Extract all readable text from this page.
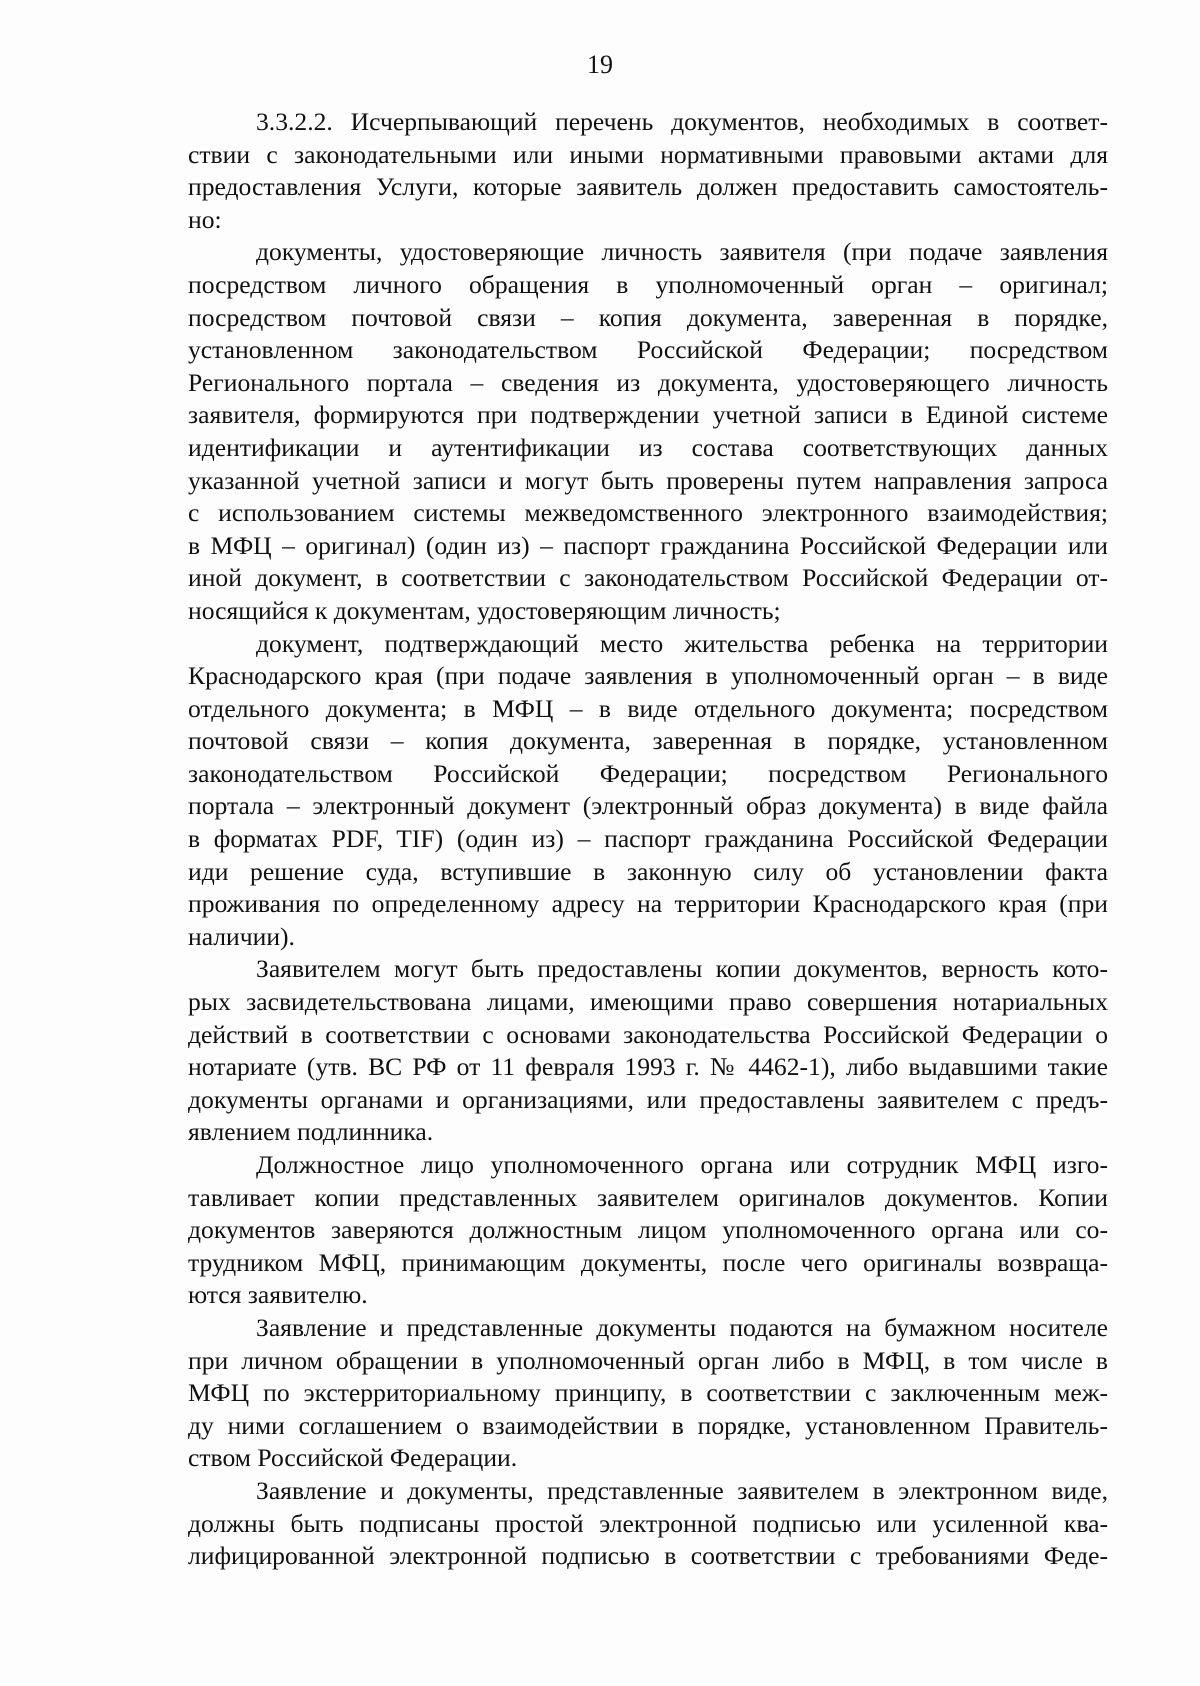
19
3.3.2.2. Исчерпывающий перечень документов, необходимых в соответ-
ствии с законодательными или иными нормативными правовыми актами для
предоставления Услуги, которые заявитель должен предоставить самостоятель-
но:
документы, удостоверяющие личность заявителя (при подаче заявления
посредством личного обращения в уполномоченный орган – оригинал;
посредством почтовой связи – копия документа, заверенная в порядке,
установленном законодательством Российской Федерации; посредством
Регионального портала – сведения из документа, удостоверяющего личность
заявителя, формируются при подтверждении учетной записи в Единой системе
идентификации и аутентификации из состава соответствующих данных
указанной учетной записи и могут быть проверены путем направления запроса
с использованием системы межведомственного электронного взаимодействия;
в МФЦ – оригинал) (один из) – паспорт гражданина Российской Федерации или
иной документ, в соответствии с законодательством Российской Федерации от-
носящийся к документам, удостоверяющим личность;
документ, подтверждающий место жительства ребенка на территории
Краснодарского края (при подаче заявления в уполномоченный орган – в виде
отдельного документа; в МФЦ – в виде отдельного документа; посредством
почтовой связи – копия документа, заверенная в порядке, установленном
законодательством Российской Федерации; посредством Регионального
портала – электронный документ (электронный образ документа) в виде файла
в форматах PDF, TIF) (один из) – паспорт гражданина Российской Федерации
иди решение суда, вступившие в законную силу об установлении факта
проживания по определенному адресу на территории Краснодарского края (при
наличии).
Заявителем могут быть предоставлены копии документов, верность кото-
рых засвидетельствована лицами, имеющими право совершения нотариальных
действий в соответствии с основами законодательства Российской Федерации о
нотариате (утв. ВС РФ от 11 февраля 1993 г. № 4462-1), либо выдавшими такие
документы органами и организациями, или предоставлены заявителем с предъ-
явлением подлинника.
Должностное лицо уполномоченного органа или сотрудник МФЦ изго-
тавливает копии представленных заявителем оригиналов документов. Копии
документов заверяются должностным лицом уполномоченного органа или со-
трудником МФЦ, принимающим документы, после чего оригиналы возвраща-
ются заявителю.
Заявление и представленные документы подаются на бумажном носителе
при личном обращении в уполномоченный орган либо в МФЦ, в том числе в
МФЦ по экстерриториальному принципу, в соответствии с заключенным меж-
ду ними соглашением о взаимодействии в порядке, установленном Правитель-
ством Российской Федерации.
Заявление и документы, представленные заявителем в электронном виде,
должны быть подписаны простой электронной подписью или усиленной ква-
лифицированной электронной подписью в соответствии с требованиями Феде-
